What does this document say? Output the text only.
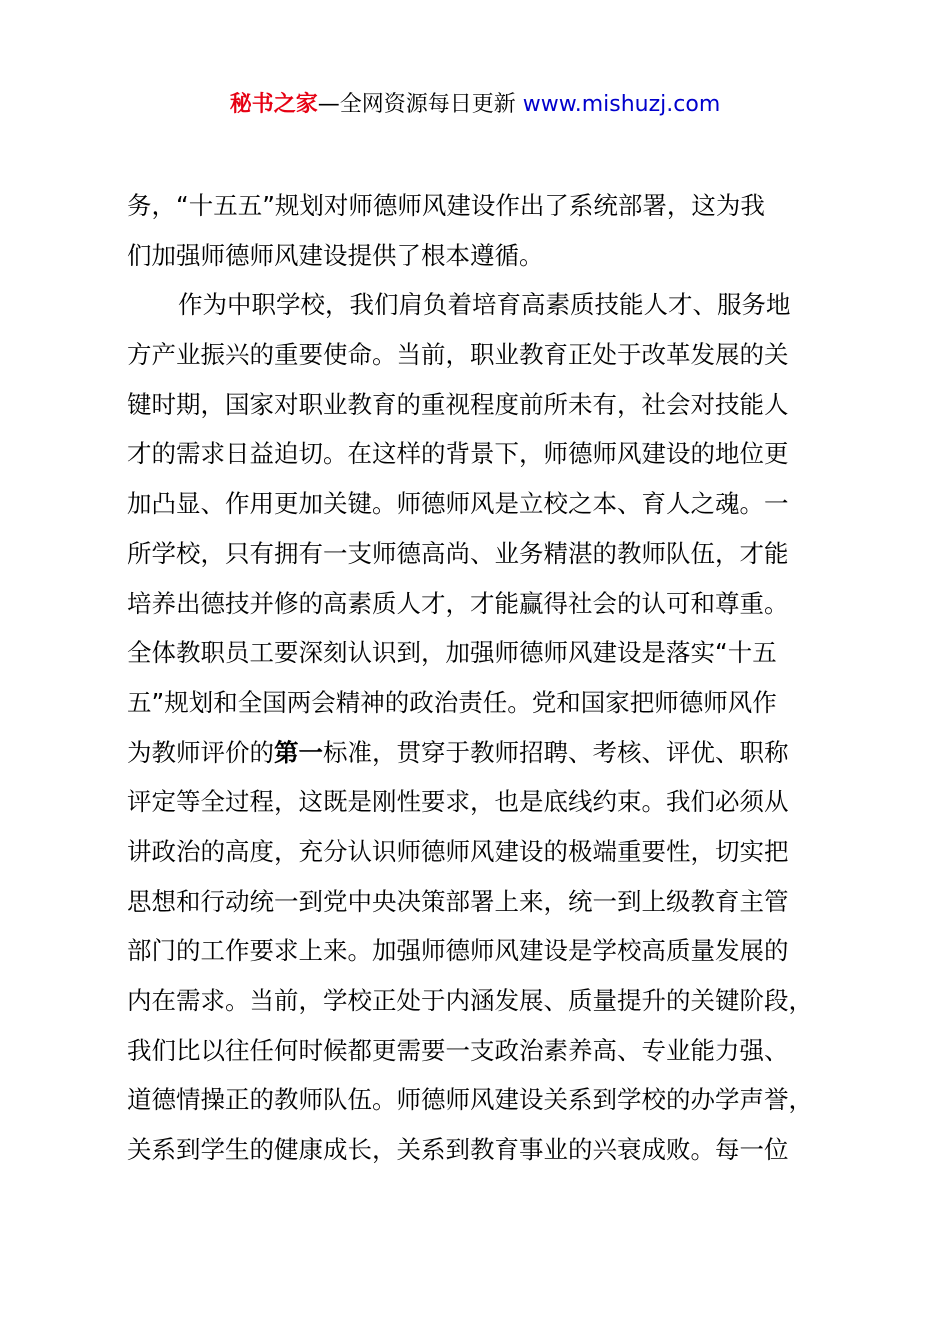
秘书之家—全网资源每日更新 www.mishuzj.com
务，“十五五”规划对师德师风建设作出了系统部署，这为我
们加强师德师风建设提供了根本遵循。
作为中职学校，我们肩负着培育高素质技能人才、服务地
方产业振兴的重要使命。当前，职业教育正处于改革发展的关
键时期，国家对职业教育的重视程度前所未有，社会对技能人
才的需求日益迫切。在这样的背景下，师德师风建设的地位更
加凸显、作用更加关键。师德师风是立校之本、育人之魂。一
所学校，只有拥有一支师德高尚、业务精湛的教师队伍，才能
培养出德技并修的高素质人才，才能赢得社会的认可和尊重。
全体教职员工要深刻认识到，加强师德师风建设是落实“十五
五”规划和全国两会精神的政治责任。党和国家把师德师风作
为教师评价的第一标准，贯穿于教师招聘、考核、评优、职称
评定等全过程，这既是刚性要求，也是底线约束。我们必须从
讲政治的高度，充分认识师德师风建设的极端重要性，切实把
思想和行动统一到党中央决策部署上来，统一到上级教育主管
部门的工作要求上来。加强师德师风建设是学校高质量发展的
内在需求。当前，学校正处于内涵发展、质量提升的关键阶段，
我们比以往任何时候都更需要一支政治素养高、专业能力强、
道德情操正的教师队伍。师德师风建设关系到学校的办学声誉，
关系到学生的健康成长，关系到教育事业的兴衰成败。每一位
